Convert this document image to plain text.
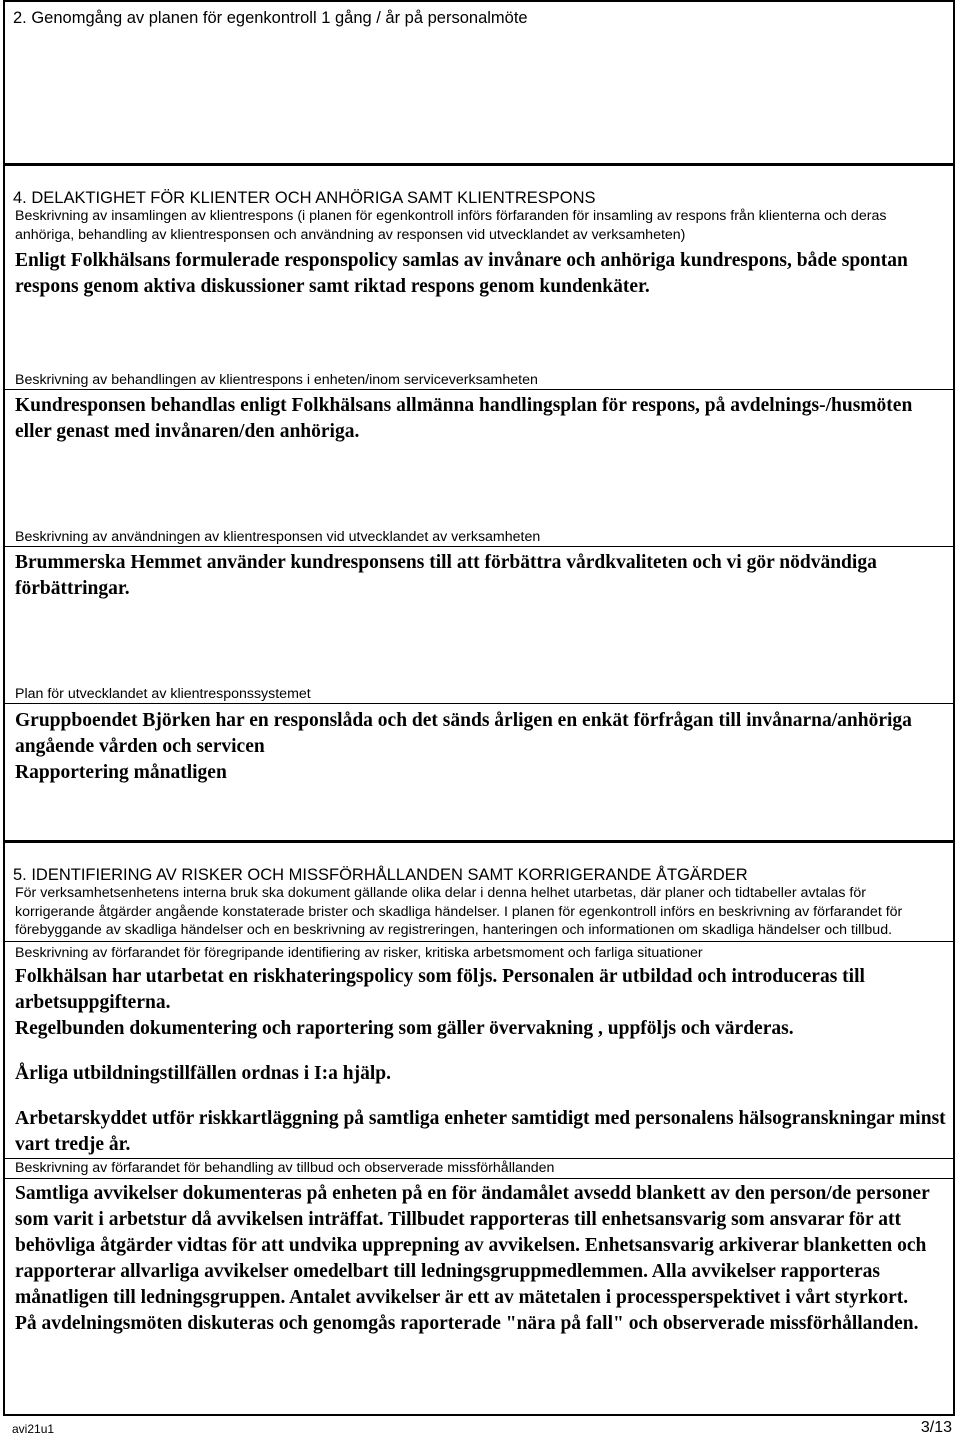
2. Genomgång av planen för egenkontroll 1 gång / år på personalmöte
4. DELAKTIGHET FÖR KLIENTER OCH ANHÖRIGA SAMT KLIENTRESPONS
Beskrivning av insamlingen av klientrespons (i planen för egenkontroll införs förfaranden för insamling av respons från klienterna och deras anhöriga, behandling av klientresponsen och användning av responsen vid utvecklandet av verksamheten)
Enligt Folkhälsans formulerade responspolicy samlas av invånare och anhöriga kundrespons, både spontan respons genom aktiva diskussioner samt riktad respons genom kundenkäter.
Beskrivning av behandlingen av klientrespons i enheten/inom serviceverksamheten
Kundresponsen behandlas enligt Folkhälsans allmänna handlingsplan för respons, på avdelnings-/husmöten eller genast med invånaren/den anhöriga.
Beskrivning av användningen av klientresponsen vid utvecklandet av verksamheten
Brummerska Hemmet använder kundresponsens till att förbättra vårdkvaliteten och vi gör nödvändiga förbättringar.
Plan för utvecklandet av klientresponssystemet
Gruppboendet Björken har en responslåda och det sänds årligen en enkät förfrågan till invånarna/anhöriga angående vården och servicen
Rapportering månatligen
5. IDENTIFIERING AV RISKER OCH MISSFÖRHÅLLANDEN SAMT KORRIGERANDE ÅTGÄRDER
För verksamhetsenhetens interna bruk ska dokument gällande olika delar i denna helhet utarbetas, där planer och tidtabeller avtalas för korrigerande åtgärder angående konstaterade brister och skadliga händelser. I planen för egenkontroll införs en beskrivning av förfarandet för förebyggande av skadliga händelser och en beskrivning av registreringen, hanteringen och informationen om skadliga händelser och tillbud.
Beskrivning av förfarandet för föregripande identifiering av risker, kritiska arbetsmoment och farliga situationer
Folkhälsan har utarbetat en riskhateringspolicy som följs. Personalen är utbildad och introduceras till arbetsuppgifterna.
Regelbunden dokumentering och raportering som gäller övervakning , uppföljs och värderas.
Årliga utbildningstillfällen ordnas i I:a hjälp.
Arbetarskyddet utför riskkartläggning på samtliga enheter samtidigt med personalens hälsogranskningar minst vart tredje år.
Beskrivning av förfarandet för behandling av tillbud och observerade missförhållanden
Samtliga avvikelser dokumenteras på enheten på en för ändamålet avsedd blankett av den person/de personer som varit i arbetstur då avvikelsen inträffat. Tillbudet rapporteras till enhetsansvarig som ansvarar för att behövliga åtgärder vidtas för att undvika upprepning av avvikelsen. Enhetsansvarig arkiverar blanketten och rapporterar allvarliga avvikelser omedelbart till ledningsgruppmedlemmen. Alla avvikelser rapporteras månatligen till ledningsgruppen. Antalet avvikelser är ett av mätetalen i processperspektivet i vårt styrkort.
På avdelningsmöten diskuteras och genomgås raporterade "nära på fall" och observerade missförhållanden.
avi21u1	3/13
